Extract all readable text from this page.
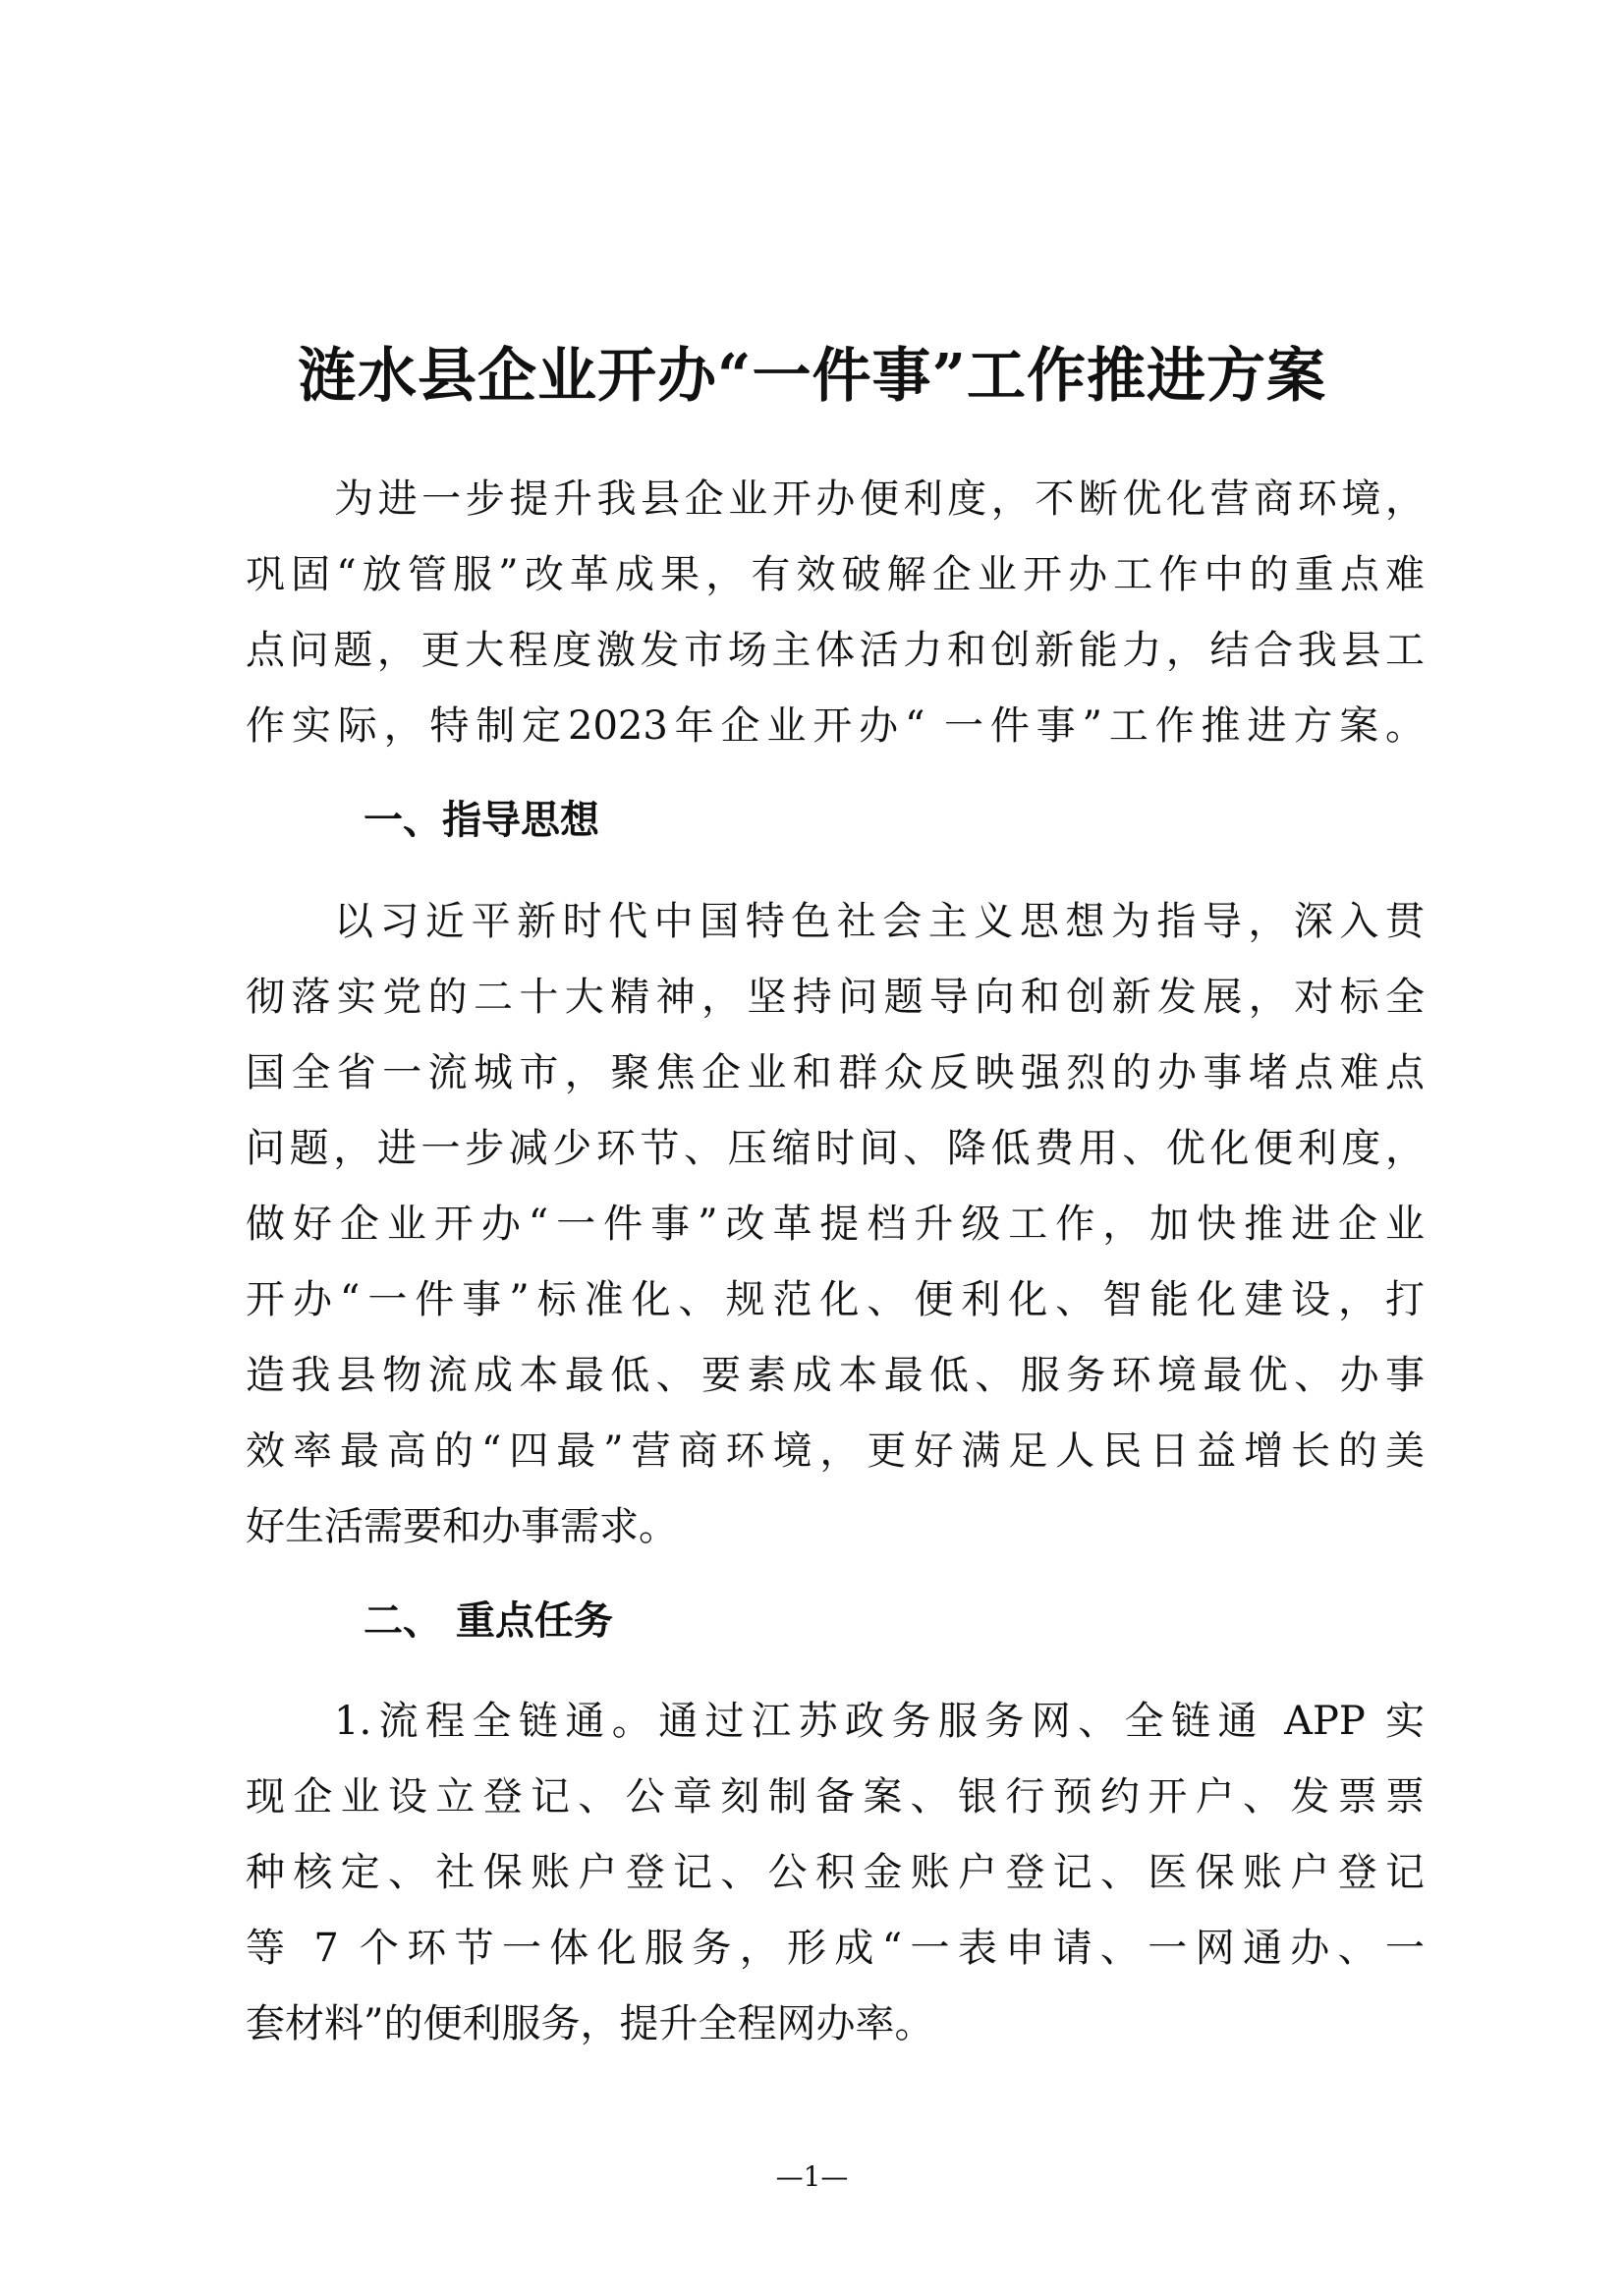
涟水县企业开办“一件事”工作推进方案

为进一步提升我县企业开办便利度，不断优化营商环境，

巩固“放管服”改革成果，有效破解企业开办工作中的重点难

点问题，更大程度激发市场主体活力和创新能力，结合我县工

作实际，特制定2023年企业开办“ 一件事”工作推进方案。

一、指导思想

以习近平新时代中国特色社会主义思想为指导，深入贯

彻落实党的二十大精神，坚持问题导向和创新发展，对标全

国全省一流城市，聚焦企业和群众反映强烈的办事堵点难点

问题，进一步减少环节、压缩时间、降低费用、优化便利度，

做好企业开办“一件事”改革提档升级工作，加快推进企业

开办“一件事”标准化、规范化、便利化、智能化建设，打

造我县物流成本最低、要素成本最低、服务环境最优、办事

效率最高的“四最”营商环境，更好满足人民日益增长的美

好生活需要和办事需求。

二、 重点任务

1.流程全链通。通过江苏政务服务网、全链通 APP 实

现企业设立登记、公章刻制备案、银行预约开户、发票票

种核定、社保账户登记、公积金账户登记、医保账户登记

等 7 个环节一体化服务，形成“一表申请、一网通办、一

套材料”的便利服务，提升全程网办率。

—1—
